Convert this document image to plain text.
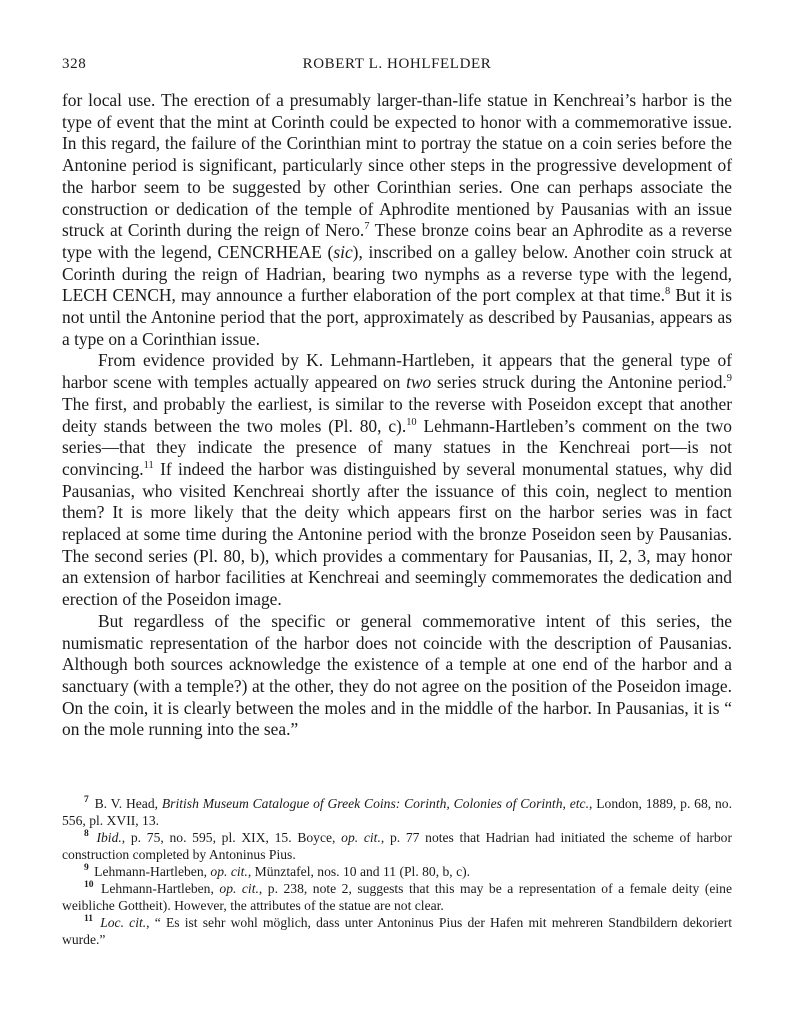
328	ROBERT L. HOHLFELDER

for local use. The erection of a presumably larger-than-life statue in Kenchreai’s harbor is the type of event that the mint at Corinth could be expected to honor with a commemorative issue. In this regard, the failure of the Corinthian mint to portray the statue on a coin series before the Antonine period is significant, particularly since other steps in the progressive development of the harbor seem to be suggested by other Corinthian series. One can perhaps associate the construction or dedication of the temple of Aphrodite mentioned by Pausanias with an issue struck at Corinth during the reign of Nero.$^7$ These bronze coins bear an Aphrodite as a reverse type with the legend, CENCRHEAE (sic), inscribed on a galley below. Another coin struck at Corinth during the reign of Hadrian, bearing two nymphs as a reverse type with the legend, LECH CENCH, may announce a further elaboration of the port complex at that time.$^8$ But it is not until the Antonine period that the port, approximately as described by Pausanias, appears as a type on a Corinthian issue.

From evidence provided by K. Lehmann-Hartleben, it appears that the general type of harbor scene with temples actually appeared on two series struck during the Antonine period.$^9$ The first, and probably the earliest, is similar to the reverse with Poseidon except that another deity stands between the two moles (Pl. 80, c).$^{10}$ Lehmann-Hartleben’s comment on the two series—that they indicate the presence of many statues in the Kenchreai port—is not convincing.$^{11}$ If indeed the harbor was distinguished by several monumental statues, why did Pausanias, who visited Kenchreai shortly after the issuance of this coin, neglect to mention them? It is more likely that the deity which appears first on the harbor series was in fact replaced at some time during the Antonine period with the bronze Poseidon seen by Pausanias. The second series (Pl. 80, b), which provides a commentary for Pausanias, II, 2, 3, may honor an extension of harbor facilities at Kenchreai and seemingly commemorates the dedication and erection of the Poseidon image.

But regardless of the specific or general commemorative intent of this series, the numismatic representation of the harbor does not coincide with the description of Pausanias. Although both sources acknowledge the existence of a temple at one end of the harbor and a sanctuary (with a temple?) at the other, they do not agree on the position of the Poseidon image. On the coin, it is clearly between the moles and in the middle of the harbor. In Pausanias, it is “ on the mole running into the sea.”

$^7$ B. V. Head, British Museum Catalogue of Greek Coins: Corinth, Colonies of Corinth, etc., London, 1889, p. 68, no. 556, pl. XVII, 13.

$^8$ Ibid., p. 75, no. 595, pl. XIX, 15. Boyce, op. cit., p. 77 notes that Hadrian had initiated the scheme of harbor construction completed by Antoninus Pius.

$^9$ Lehmann-Hartleben, op. cit., Münztafel, nos. 10 and 11 (Pl. 80, b, c).

$^{10}$ Lehmann-Hartleben, op. cit., p. 238, note 2, suggests that this may be a representation of a female deity (eine weibliche Gottheit). However, the attributes of the statue are not clear.

$^{11}$ Loc. cit., “ Es ist sehr wohl möglich, dass unter Antoninus Pius der Hafen mit mehreren Standbildern dekoriert wurde.”
